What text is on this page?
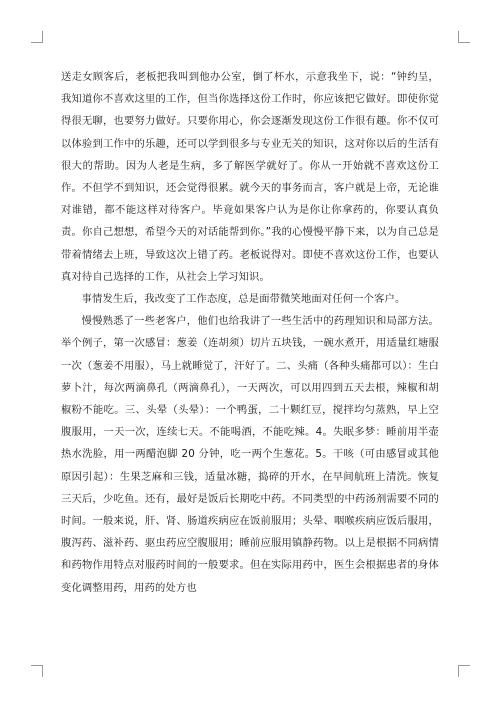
送走女顾客后，老板把我叫到他办公室，倒了杯水，示意我坐下，说：“钟约呈，我知道你不喜欢这里的工作，但当你选择这份工作时，你应该把它做好。即使你觉得很无聊，也要努力做好。只要你用心，你会逐渐发现这份工作很有趣。你不仅可以体验到工作中的乐趣，还可以学到很多与专业无关的知识，这对你以后的生活有很大的帮助。因为人老是生病，多了解医学就好了。你从一开始就不喜欢这份工作。不但学不到知识，还会觉得很累。就今天的事务而言，客户就是上帝，无论谁对谁错，都不能这样对待客户。毕竟如果客户认为是你让你拿药的，你要认真负责。你自己想想，希望今天的对话能帮到你。”我的心慢慢平静下来，以为自己总是带着情绪去上班，导致这次上错了药。老板说得对。即使不喜欢这份工作，也要认真对待自己选择的工作，从社会上学习知识。

事情发生后，我改变了工作态度，总是面带微笑地面对任何一个客户。

慢慢熟悉了一些老客户，他们也给我讲了一些生活中的药理知识和局部方法。举个例子，第一次感冒：葱姜（连胡须）切片五块钱，一碗水煮开，用适量红塘服一次（葱姜不用服），马上就睡觉了，汗好了。二、头痛（各种头痛都可以）：生白萝卜汁，每次两滴鼻孔（两滴鼻孔），一天两次，可以用四到五天去根，辣椒和胡椒粉不能吃。三、头晕（头晕）：一个鸭蛋，二十颗红豆，搅拌均匀蒸熟，早上空腹服用，一天一次，连续七天。不能喝酒，不能吃辣。4。失眠多梦：睡前用半壶热水洗脸，用一两醋泡脚 20 分钟，吃一两个生葱花。5。干咳（可由感冒或其他原因引起）：生果芝麻和三钱，适量冰糖，捣碎的开水，在早间航班上清洗。恢复三天后，少吃鱼。还有，最好是饭后长期吃中药。不同类型的中药汤剂需要不同的时间。一般来说，肝、肾、肠道疾病应在饭前服用；头晕、咽喉疾病应饭后服用，腹泻药、滋补药、驱虫药应空腹服用；睡前应服用镇静药物。以上是根据不同病情和药物作用特点对服药时间的一般要求。但在实际用药中，医生会根据患者的身体变化调整用药，用药的处方也
